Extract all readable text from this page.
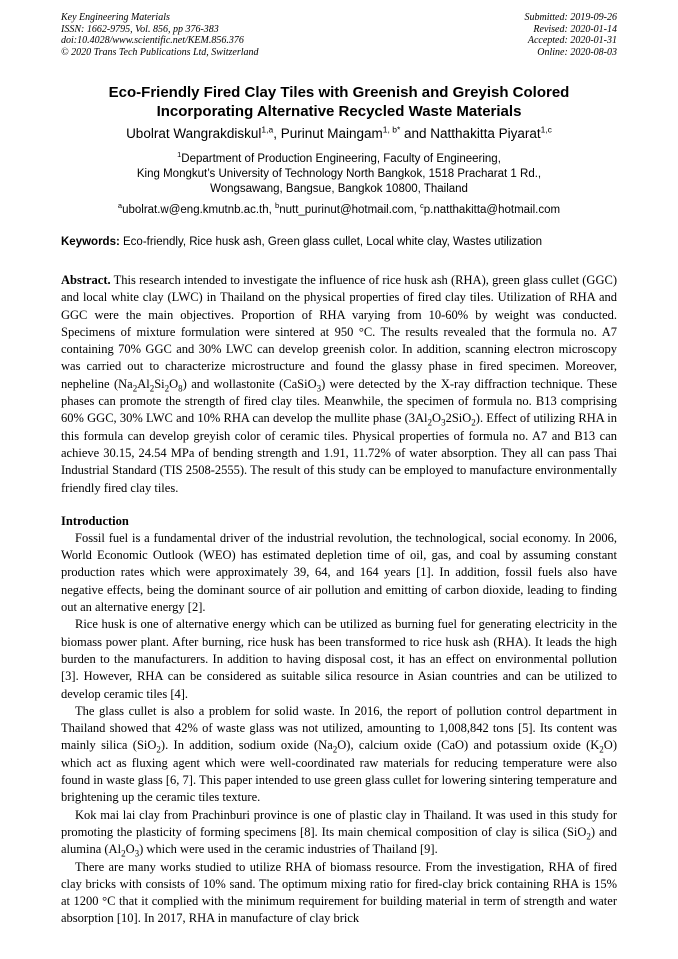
Key Engineering Materials
ISSN: 1662-9795, Vol. 856, pp 376-383
doi:10.4028/www.scientific.net/KEM.856.376
© 2020 Trans Tech Publications Ltd, Switzerland
Submitted: 2019-09-26
Revised: 2020-01-14
Accepted: 2020-01-31
Online: 2020-08-03
Eco-Friendly Fired Clay Tiles with Greenish and Greyish Colored Incorporating Alternative Recycled Waste Materials
Ubolrat Wangrakdiskul$^{1,a}$, Purinut Maingam$^{1, b*}$ and Natthakitta Piyarat$^{1,c}$
$^1$Department of Production Engineering, Faculty of Engineering,
King Mongkut’s University of Technology North Bangkok, 1518 Pracharat 1 Rd.,
Wongsawang, Bangsue, Bangkok 10800, Thailand
$^a$ubolrat.w@eng.kmutnb.ac.th, $^b$nutt_purinut@hotmail.com, $^c$p.natthakitta@hotmail.com

Keywords: Eco-friendly, Rice husk ash, Green glass cullet, Local white clay, Wastes utilization

Abstract. This research intended to investigate the influence of rice husk ash (RHA), green glass cullet (GGC) and local white clay (LWC) in Thailand on the physical properties of fired clay tiles. Utilization of RHA and GGC were the main objectives. Proportion of RHA varying from 10-60% by weight was conducted. Specimens of mixture formulation were sintered at 950 °C. The results revealed that the formula no. A7 containing 70% GGC and 30% LWC can develop greenish color. In addition, scanning electron microscopy was carried out to characterize microstructure and found the glassy phase in fired specimen. Moreover, nepheline $(Na_2Al_2Si_2O_8)$ and wollastonite (CaSiO$_3$) were detected by the X-ray diffraction technique. These phases can promote the strength of fired clay tiles. Meanwhile, the specimen of formula no. B13 comprising 60% GGC, 30% LWC and 10% RHA can develop the mullite phase $(3Al_2O_32SiO_2)$. Effect of utilizing RHA in this formula can develop greyish color of ceramic tiles. Physical properties of formula no. A7 and B13 can achieve 30.15, 24.54 MPa of bending strength and 1.91, 11.72% of water absorption. They all can pass Thai Industrial Standard (TIS 2508-2555). The result of this study can be employed to manufacture environmentally friendly fired clay tiles.

Introduction

Fossil fuel is a fundamental driver of the industrial revolution, the technological, social economy. In 2006, World Economic Outlook (WEO) has estimated depletion time of oil, gas, and coal by assuming constant production rates which were approximately 39, 64, and 164 years [1]. In addition, fossil fuels also have negative effects, being the dominant source of air pollution and emitting of carbon dioxide, leading to finding out an alternative energy [2].

Rice husk is one of alternative energy which can be utilized as burning fuel for generating electricity in the biomass power plant. After burning, rice husk has been transformed to rice husk ash (RHA). It leads the high burden to the manufacturers. In addition to having disposal cost, it has an effect on environmental pollution [3]. However, RHA can be considered as suitable silica resource in Asian countries and can be utilized to develop ceramic tiles [4].

The glass cullet is also a problem for solid waste. In 2016, the report of pollution control department in Thailand showed that 42% of waste glass was not utilized, amounting to 1,008,842 tons [5]. Its content was mainly silica (SiO$_2$). In addition, sodium oxide $(Na_2O)$, calcium oxide (CaO) and potassium oxide $(K_2O)$ which act as fluxing agent which were well-coordinated raw materials for reducing temperature were also found in waste glass [6, 7]. This paper intended to use green glass cullet for lowering sintering temperature and brightening up the ceramic tiles texture.

Kok mai lai clay from Prachinburi province is one of plastic clay in Thailand. It was used in this study for promoting the plasticity of forming specimens [8]. Its main chemical composition of clay is silica (SiO$_2$) and alumina $(Al_2O_3)$ which were used in the ceramic industries of Thailand [9].

There are many works studied to utilize RHA of biomass resource. From the investigation, RHA of fired clay bricks with consists of 10% sand. The optimum mixing ratio for fired-clay brick containing RHA is 15% at 1200 °C that it complied with the minimum requirement for building material in term of strength and water absorption [10]. In 2017, RHA in manufacture of clay brick
